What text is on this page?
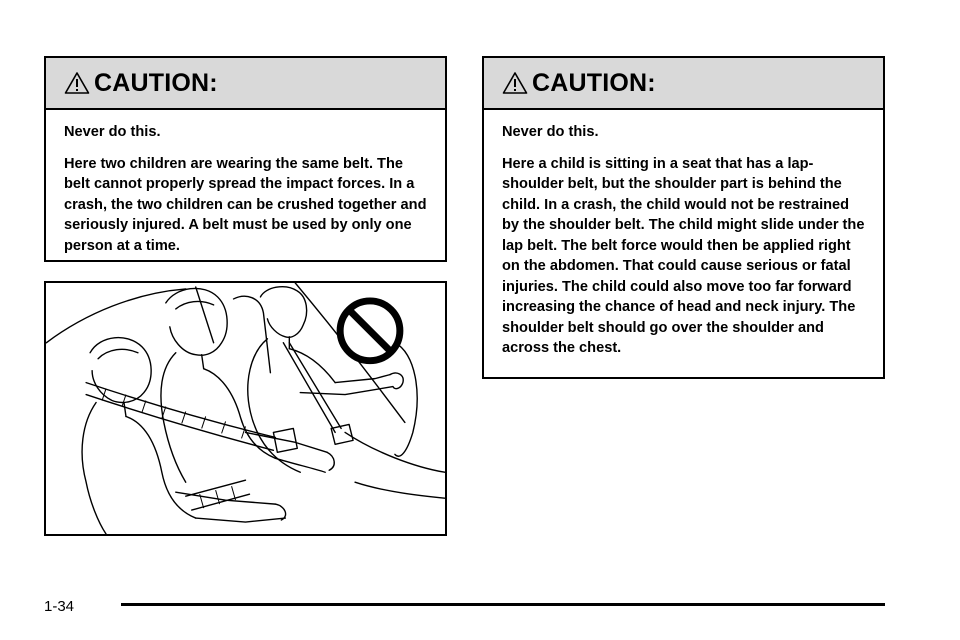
CAUTION:

Never do this.

Here two children are wearing the same belt. The belt cannot properly spread the impact forces. In a crash, the two children can be crushed together and seriously injured. A belt must be used by only one person at a time.

CAUTION:

Never do this.

Here a child is sitting in a seat that has a lap-shoulder belt, but the shoulder part is behind the child. In a crash, the child would not be restrained by the shoulder belt. The child might slide under the lap belt. The belt force would then be applied right on the abdomen. That could cause serious or fatal injuries. The child could also move too far forward increasing the chance of head and neck injury. The shoulder belt should go over the shoulder and across the chest.

1-34
